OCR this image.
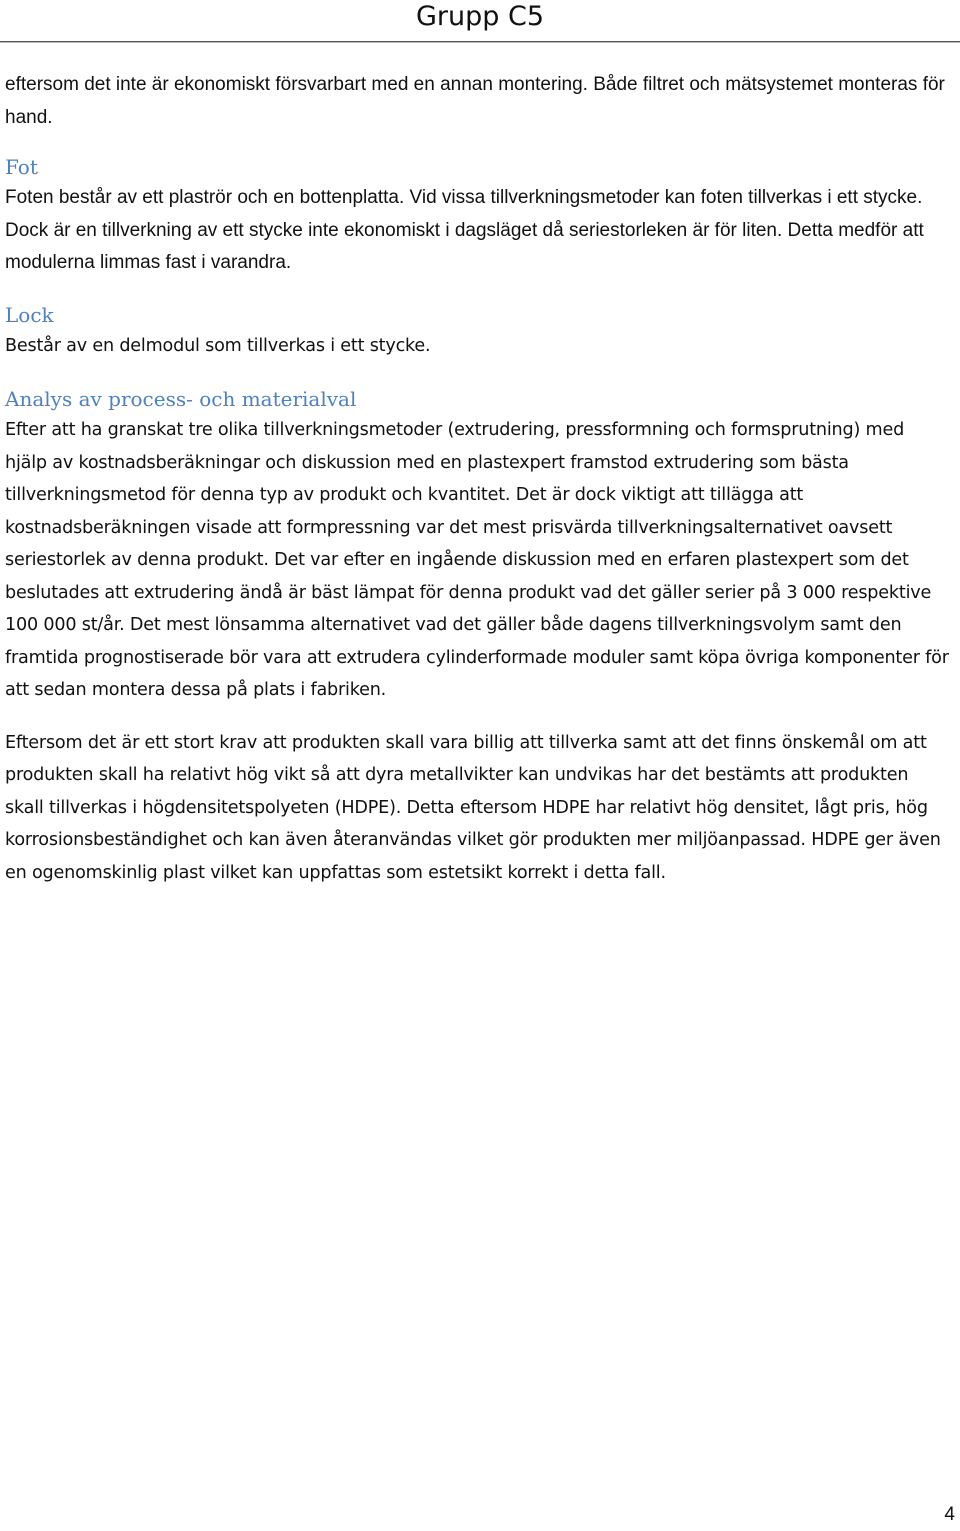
Grupp C5

eftersom det inte är ekonomiskt försvarbart med en annan montering. Både filtret och mätsystemet monteras för hand.

Fot

Foten består av ett plaströr och en bottenplatta. Vid vissa tillverkningsmetoder kan foten tillverkas i ett stycke. Dock är en tillverkning av ett stycke inte ekonomiskt i dagsläget då seriestorleken är för liten. Detta medför att modulerna limmas fast i varandra.

Lock

Består av en delmodul som tillverkas i ett stycke.

Analys av process- och materialval

Efter att ha granskat tre olika tillverkningsmetoder (extrudering, pressformning och formsprutning) med hjälp av kostnadsberäkningar och diskussion med en plastexpert framstod extrudering som bästa tillverkningsmetod för denna typ av produkt och kvantitet. Det är dock viktigt att tillägga att kostnadsberäkningen visade att formpressning var det mest prisvärda tillverkningsalternativet oavsett seriestorlek av denna produkt. Det var efter en ingående diskussion med en erfaren plastexpert som det beslutades att extrudering ändå är bäst lämpat för denna produkt vad det gäller serier på 3 000 respektive 100 000 st/år. Det mest lönsamma alternativet vad det gäller både dagens tillverkningsvolym samt den framtida prognostiserade bör vara att extrudera cylinderformade moduler samt köpa övriga komponenter för att sedan montera dessa på plats i fabriken.

Eftersom det är ett stort krav att produkten skall vara billig att tillverka samt att det finns önskemål om att produkten skall ha relativt hög vikt så att dyra metallvikter kan undvikas har det bestämts att produkten skall tillverkas i högdensitetspolyeten (HDPE). Detta eftersom HDPE har relativt hög densitet, lågt pris, hög korrosionsbeständighet och kan även återanvändas vilket gör produkten mer miljöanpassad. HDPE ger även en ogenomskinlig plast vilket kan uppfattas som estetsikt korrekt i detta fall.

4
